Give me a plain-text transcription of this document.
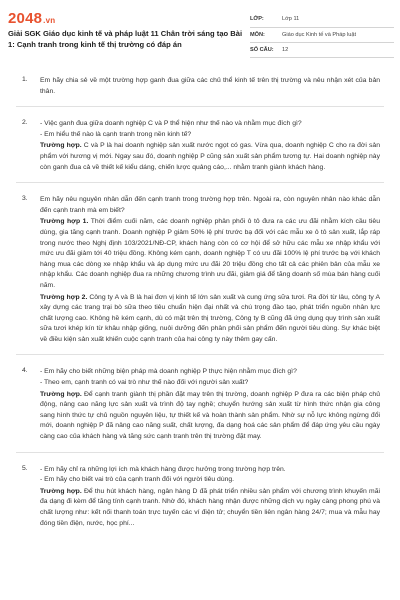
2048.vn
Giải SGK Giáo dục kinh tế và pháp luật 11 Chân trời sáng tạo Bài 1: Cạnh tranh trong kinh tế thị trường có đáp án
LỚP:	Lớp 11
MÔN:	Giáo dục Kinh tế và Pháp luật
SỐ CÂU:	12
1. Em hãy chia sẻ về một trường hợp ganh đua giữa các chủ thể kinh tế trên thị trường và nêu nhận xét của bản thân.

2. - Việc ganh đua giữa doanh nghiệp C và P thể hiện như thế nào và nhằm mục đích gì?

- Em hiểu thế nào là cạnh tranh trong nền kinh tế?

Trường hợp. C và P là hai doanh nghiệp sản xuất nước ngọt có gas. Vừa qua, doanh nghiệp C cho ra đời sản phẩm với hương vị mới. Ngay sau đó, doanh nghiệp P cũng sản xuất sản phẩm tương tự. Hai doanh nghiệp này còn ganh đua cả về thiết kế kiểu dáng, chiến lược quảng cáo,... nhằm tranh giành khách hàng.

3. Em hãy nêu nguyên nhân dẫn đến cạnh tranh trong trường hợp trên. Ngoài ra, còn nguyên nhân nào khác dẫn đến cạnh tranh mà em biết?

Trường hợp 1. Thời điểm cuối năm, các doanh nghiệp phân phối ô tô đưa ra các ưu đãi nhằm kích cầu tiêu dùng, gia tăng cạnh tranh. Doanh nghiệp P giảm 50% lệ phí trước bạ đối với các mẫu xe ô tô sản xuất, lắp ráp trong nước theo Nghị định 103/2021/NĐ-CP, khách hàng còn có cơ hội để sở hữu các mẫu xe nhập khẩu với mức ưu đãi giảm tới 40 triệu đồng. Không kém cạnh, doanh nghiệp T có ưu đãi 100% lệ phí trước bạ với khách hàng mua các dòng xe nhập khẩu và áp dụng mức ưu đãi 20 triệu đồng cho tất cả các phiên bản của mẫu xe nhập khẩu. Các doanh nghiệp đua ra những chương trình ưu đãi, giảm giá để tăng doanh số mùa bán hàng cuối năm.

Trường hợp 2. Công ty A và B là hai đơn vị kinh tế lớn sản xuất và cung ứng sữa tươi. Ra đời từ lâu, công ty A xây dựng các trang trại bò sữa theo tiêu chuẩn hiện đại nhất và chú trọng đào tạo, phát triển nguồn nhân lực chất lượng cao. Không hề kém cạnh, dù có mặt trên thị trường, Công ty B cũng đã ứng dụng quy trình sản xuất sữa tươi khép kín từ khâu nhập giống, nuôi dưỡng đến phân phối sản phẩm đến người tiêu dùng. Sự khác biệt về điều kiện sản xuất khiến cuộc cạnh tranh của hai công ty này thêm gay cấn.

4. - Em hãy cho biết những biện pháp mà doanh nghiệp P thực hiện nhằm mục đích gì?

- Theo em, cạnh tranh có vai trò như thế nào đối với người sản xuất?

Trường hợp. Để cạnh tranh giành thị phần đặt may trên thị trường, doanh nghiệp P đưa ra các biện pháp chủ động, nâng cao năng lực sản xuất và trình độ tay nghề; chuyển hướng sản xuất từ hình thức nhận gia công sang hình thức tự chủ nguồn nguyên liệu, tự thiết kế và hoàn thành sản phẩm. Nhờ sự nỗ lực không ngừng đổi mới, doanh nghiệp P đã nâng cao năng suất, chất lượng, đa dạng hoá các sản phẩm để đáp ứng yêu cầu ngày càng cao của khách hàng và tăng sức cạnh tranh trên thị trường đặt may.

5. - Em hãy chỉ ra những lợi ích mà khách hàng được hưởng trong trường hợp trên.

- Em hãy cho biết vai trò của cạnh tranh đối với người tiêu dùng.

Trường hợp. Để thu hút khách hàng, ngân hàng D đã phát triển nhiều sản phẩm với chương trình khuyến mãi đa dạng đi kèm để tăng tính cạnh tranh. Nhờ đó, khách hàng nhận được những dịch vụ ngày càng phong phú và chất lượng như: kết nối thanh toán trực tuyến các ví điện tử; chuyển tiền liên ngân hàng 24/7; mua và mẫu hay đóng tiền điện, nước, học phí...
